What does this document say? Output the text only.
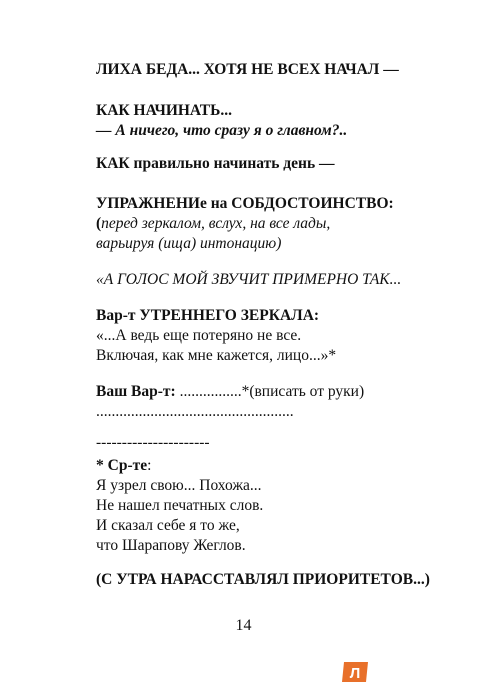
ЛИХА БЕДА... ХОТЯ НЕ ВСЕХ НАЧАЛ —
КАК НАЧИНАТЬ...
— А ничего, что сразу я о главном?..
КАК правильно начинать день —
УПРАЖНЕНИе на СОБДОСТОИНСТВО:
(перед зеркалом, вслух, на все лады,
варьируя (ища) интонацию)
«А ГОЛОС МОЙ ЗВУЧИТ ПРИМЕРНО ТАК...
Вар-т УТРЕННЕГО ЗЕРКАЛА:
«...А ведь еще потеряно не все.
Включая, как мне кажется, лицо...»*
Ваш Вар-т: ................*(вписать от руки)
...................................................
----------------------
* Ср-те:
Я узрел свою... Похожа...
Не нашел печатных слов.
И сказал себе я то же,
что Шарапову Жеглов.
(С УТРА НАРАССТАВЛЯЛ ПРИОРИТЕТОВ...)
14
Л
